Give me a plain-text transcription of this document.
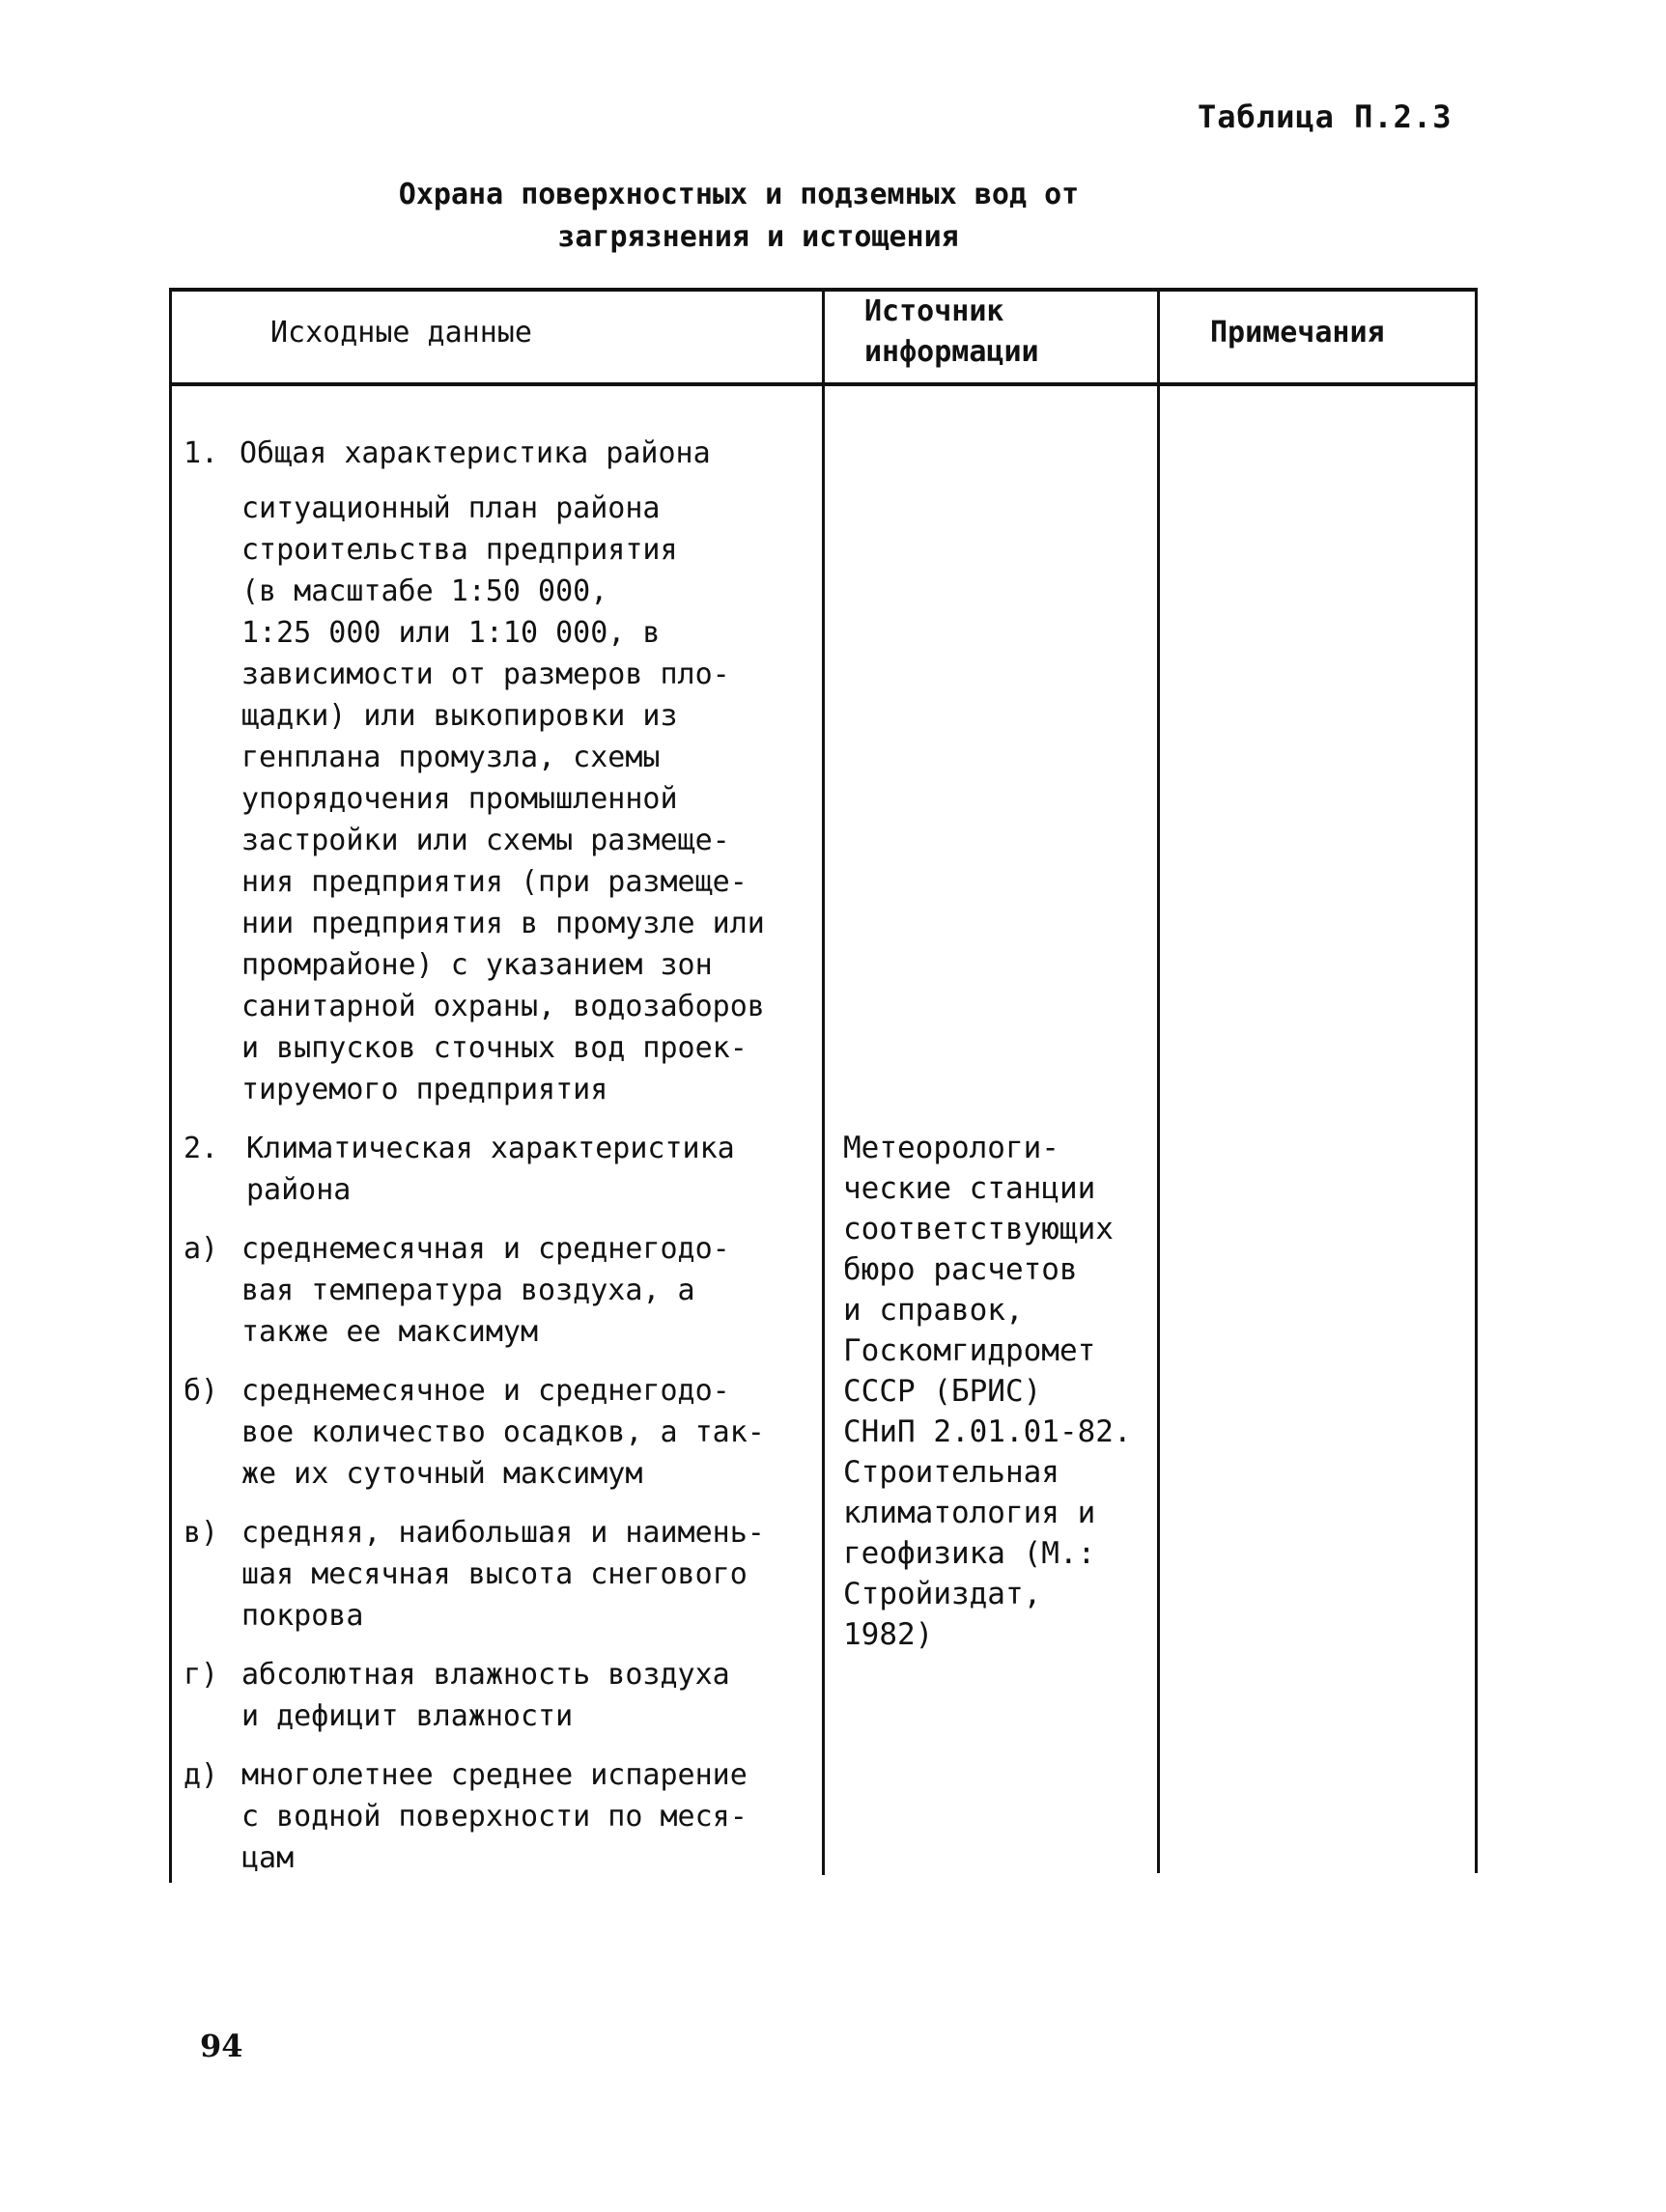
Таблица П.2.3
Охрана поверхностных и подземных вод от
загрязнения и истощения
Исходные данные
Источник
информации
Примечания
1. Общая характеристика района
ситуационный план района
строительства предприятия
(в масштабе 1:50 000,
1:25 000 или 1:10 000, в
зависимости от размеров пло-
щадки) или выкопировки из
генплана промузла, схемы
упорядочения промышленной
застройки или схемы размеще-
ния предприятия (при размеще-
нии предприятия в промузле или
промрайоне) с указанием зон
санитарной охраны, водозаборов
и выпусков сточных вод проек-
тируемого предприятия
2. Климатическая характеристика
района
а) среднемесячная и среднегодо-
вая температура воздуха, а
также ее максимум
б) среднемесячное и среднегодо-
вое количество осадков, а так-
же их суточный максимум
в) средняя, наибольшая и наимень-
шая месячная высота снегового
покрова
г) абсолютная влажность воздуха
и дефицит влажности
д) многолетнее среднее испарение
с водной поверхности по меся-
цам
Метеорологи-
ческие станции
соответствующих
бюро расчетов
и справок,
Госкомгидромет
СССР (БРИС)
СНиП 2.01.01-82.
Строительная
климатология и
геофизика (М.:
Стройиздат,
1982)
94
